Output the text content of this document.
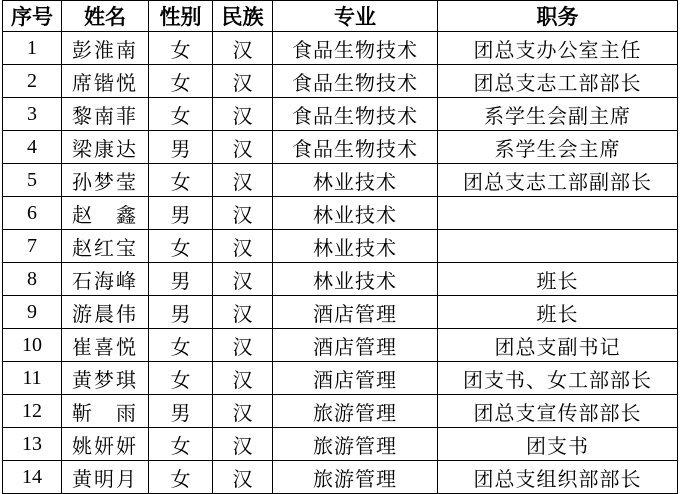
序号	姓名	性别	民族	专业	职务
1	彭淮南	女	汉	食品生物技术	团总支办公室主任
2	席锴悦	女	汉	食品生物技术	团总支志工部部长
3	黎南菲	女	汉	食品生物技术	系学生会副主席
4	梁康达	男	汉	食品生物技术	系学生会主席
5	孙梦莹	女	汉	林业技术	团总支志工部副部长
6	赵　鑫	男	汉	林业技术	
7	赵红宝	女	汉	林业技术	
8	石海峰	男	汉	林业技术	班长
9	游晨伟	男	汉	酒店管理	班长
10	崔喜悦	女	汉	酒店管理	团总支副书记
11	黄梦琪	女	汉	酒店管理	团支书、女工部部长
12	靳　雨	男	汉	旅游管理	团总支宣传部部长
13	姚妍妍	女	汉	旅游管理	团支书
14	黄明月	女	汉	旅游管理	团总支组织部部长
